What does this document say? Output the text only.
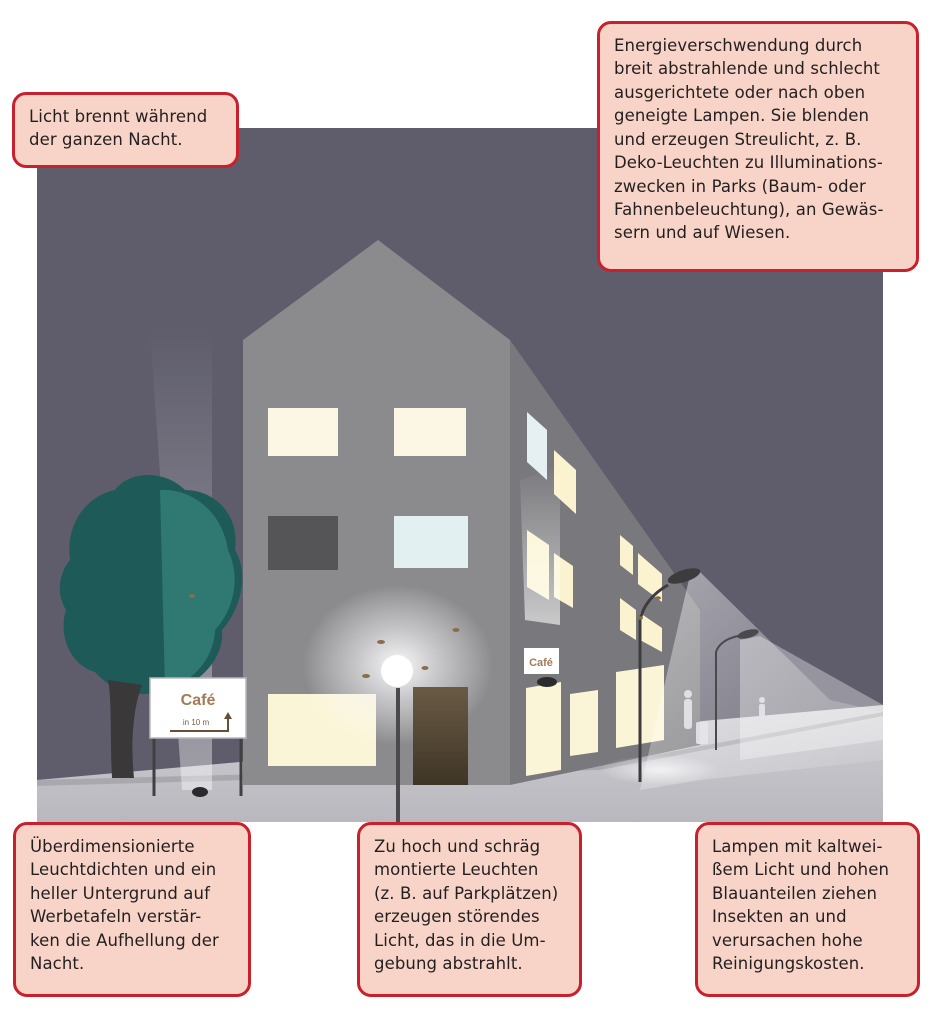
Café
Café
in 10 m
Licht brennt während
der ganzen Nacht.
Energieverschwendung durch
breit abstrahlende und schlecht
ausgerichtete oder nach oben
geneigte Lampen. Sie blenden
und erzeugen Streulicht, z. B.
Deko-Leuchten zu Illuminations-
zwecken in Parks (Baum- oder
Fahnenbeleuchtung), an Gewäs-
sern und auf Wiesen.
Überdimensionierte
Leuchtdichten und ein
heller Untergrund auf
Werbetafeln verstär-
ken die Aufhellung der
Nacht.
Zu hoch und schräg
montierte Leuchten
(z. B. auf Parkplätzen)
erzeugen störendes
Licht, das in die Um-
gebung abstrahlt.
Lampen mit kaltwei-
ßem Licht und hohen
Blauanteilen ziehen
Insekten an und
verursachen hohe
Reinigungskosten.
